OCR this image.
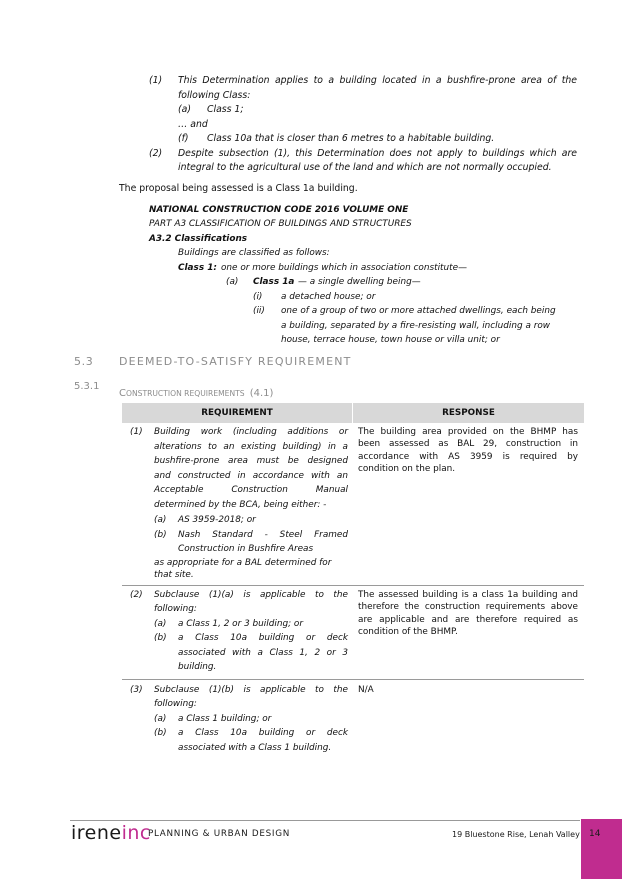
(1) This Determination applies to a building located in a bushfire-prone area of the
following Class:
(a) Class 1;
… and
(f) Class 10a that is closer than 6 metres to a habitable building.
(2) Despite subsection (1), this Determination does not apply to buildings which are
integral to the agricultural use of the land and which are not normally occupied.
The proposal being assessed is a Class 1a building.
NATIONAL CONSTRUCTION CODE 2016 VOLUME ONE
PART A3 CLASSIFICATION OF BUILDINGS AND STRUCTURES
A3.2 Classifications
Buildings are classified as follows:
Class 1: one or more buildings which in association constitute—
(a) Class 1a — a single dwelling being—
(i) a detached house; or
(ii) one of a group of two or more attached dwellings, each being
a building, separated by a fire-resisting wall, including a row
house, terrace house, town house or villa unit; or
5.3 DEEMED-TO-SATISFY REQUIREMENT
5.3.1
CONSTRUCTION REQUIREMENTS (4.1)
REQUIREMENT	RESPONSE
(1) Building work (including additions or
alterations to an existing building) in a
bushfire-prone area must be designed
and constructed in accordance with an
Acceptable Construction Manual
determined by the BCA, being either: -
(a) AS 3959-2018; or
(b) Nash Standard - Steel Framed
Construction in Bushfire Areas
as appropriate for a BAL determined for
that site.
The building area provided on the BHMP has been assessed as BAL 29, construction in accordance with AS 3959 is required by condition on the plan.
(2) Subclause (1)(a) is applicable to the
following:
(a) a Class 1, 2 or 3 building; or
(b) a Class 10a building or deck
associated with a Class 1, 2 or 3
building.
The assessed building is a class 1a building and therefore the construction requirements above are applicable and are therefore required as condition of the BHMP.
(3) Subclause (1)(b) is applicable to the
following:
(a) a Class 1 building; or
(b) a Class 10a building or deck
associated with a Class 1 building.
N/A
ireneinc
PLANNING & URBAN DESIGN	19 Bluestone Rise, Lenah Valley 14
